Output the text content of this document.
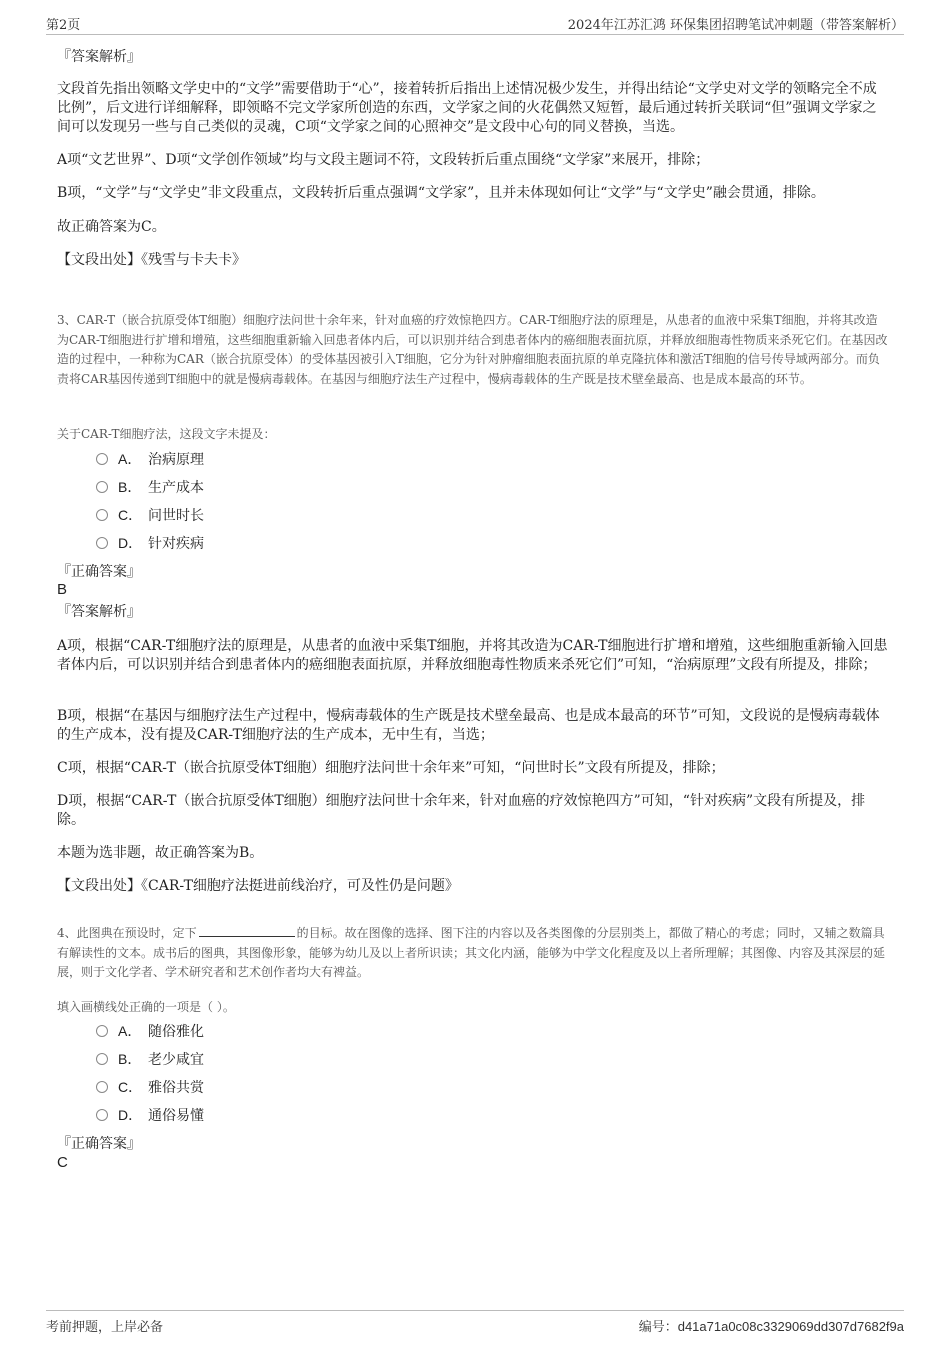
第2页	2024年江苏汇鸿 环保集团招聘笔试冲刺题（带答案解析）
『答案解析』

文段首先指出领略文学史中的“文学”需要借助于“心”，接着转折后指出上述情况极少发生，并得出结论“文学史对文学的领略完全不成比例”，后文进行详细解释，即领略不完文学家所创造的东西，文学家之间的火花偶然又短暂，最后通过转折关联词“但”强调文学家之间可以发现另一些与自己类似的灵魂，C项“文学家之间的心照神交”是文段中心句的同义替换，当选。

A项“文艺世界”、D项“文学创作领域”均与文段主题词不符，文段转折后重点围绕“文学家”来展开，排除；

B项，“文学”与“文学史”非文段重点，文段转折后重点强调“文学家”，且并未体现如何让“文学”与“文学史”融会贯通，排除。

故正确答案为C。

【文段出处】《残雪与卡夫卡》

3、CAR-T（嵌合抗原受体T细胞）细胞疗法问世十余年来，针对血癌的疗效惊艳四方。CAR-T细胞疗法的原理是，从患者的血液中采集T细胞，并将其改造为CAR-T细胞进行扩增和增殖，这些细胞重新输入回患者体内后，可以识别并结合到患者体内的癌细胞表面抗原，并释放细胞毒性物质来杀死它们。在基因改造的过程中，一种称为CAR（嵌合抗原受体）的受体基因被引入T细胞，它分为针对肿瘤细胞表面抗原的单克隆抗体和激活T细胞的信号传导域两部分。而负责将CAR基因传递到T细胞中的就是慢病毒载体。在基因与细胞疗法生产过程中，慢病毒载体的生产既是技术壁垒最高、也是成本最高的环节。

关于CAR-T细胞疗法，这段文字未提及：

A． 治病原理
B． 生产成本
C． 问世时长
D． 针对疾病
『正确答案』
B
『答案解析』

A项，根据“CAR-T细胞疗法的原理是，从患者的血液中采集T细胞，并将其改造为CAR-T细胞进行扩增和增殖，这些细胞重新输入回患者体内后，可以识别并结合到患者体内的癌细胞表面抗原，并释放细胞毒性物质来杀死它们”可知，“治病原理”文段有所提及，排除；

B项，根据“在基因与细胞疗法生产过程中，慢病毒载体的生产既是技术壁垒最高、也是成本最高的环节”可知，文段说的是慢病毒载体的生产成本，没有提及CAR-T细胞疗法的生产成本，无中生有，当选；

C项，根据“CAR-T（嵌合抗原受体T细胞）细胞疗法问世十余年来”可知，“问世时长”文段有所提及，排除；

D项，根据“CAR-T（嵌合抗原受体T细胞）细胞疗法问世十余年来，针对血癌的疗效惊艳四方”可知，“针对疾病”文段有所提及，排除。

本题为选非题，故正确答案为B。

【文段出处】《CAR-T细胞疗法挺进前线治疗，可及性仍是问题》

4、此图典在预设时，定下	的目标。故在图像的选择、图下注的内容以及各类图像的分层别类上，都做了精心的考虑；同时，又辅之数篇具有解读性的文本。成书后的图典，其图像形象，能够为幼儿及以上者所识读；其文化内涵，能够为中学文化程度及以上者所理解；其图像、内容及其深层的延展，则于文化学者、学术研究者和艺术创作者均大有裨益。

填入画横线处正确的一项是（ ）。

A． 随俗雅化
B． 老少咸宜
C． 雅俗共赏
D． 通俗易懂
『正确答案』
C
考前押题，上岸必备	编号：d41a71a0c08c3329069dd307d7682f9a
